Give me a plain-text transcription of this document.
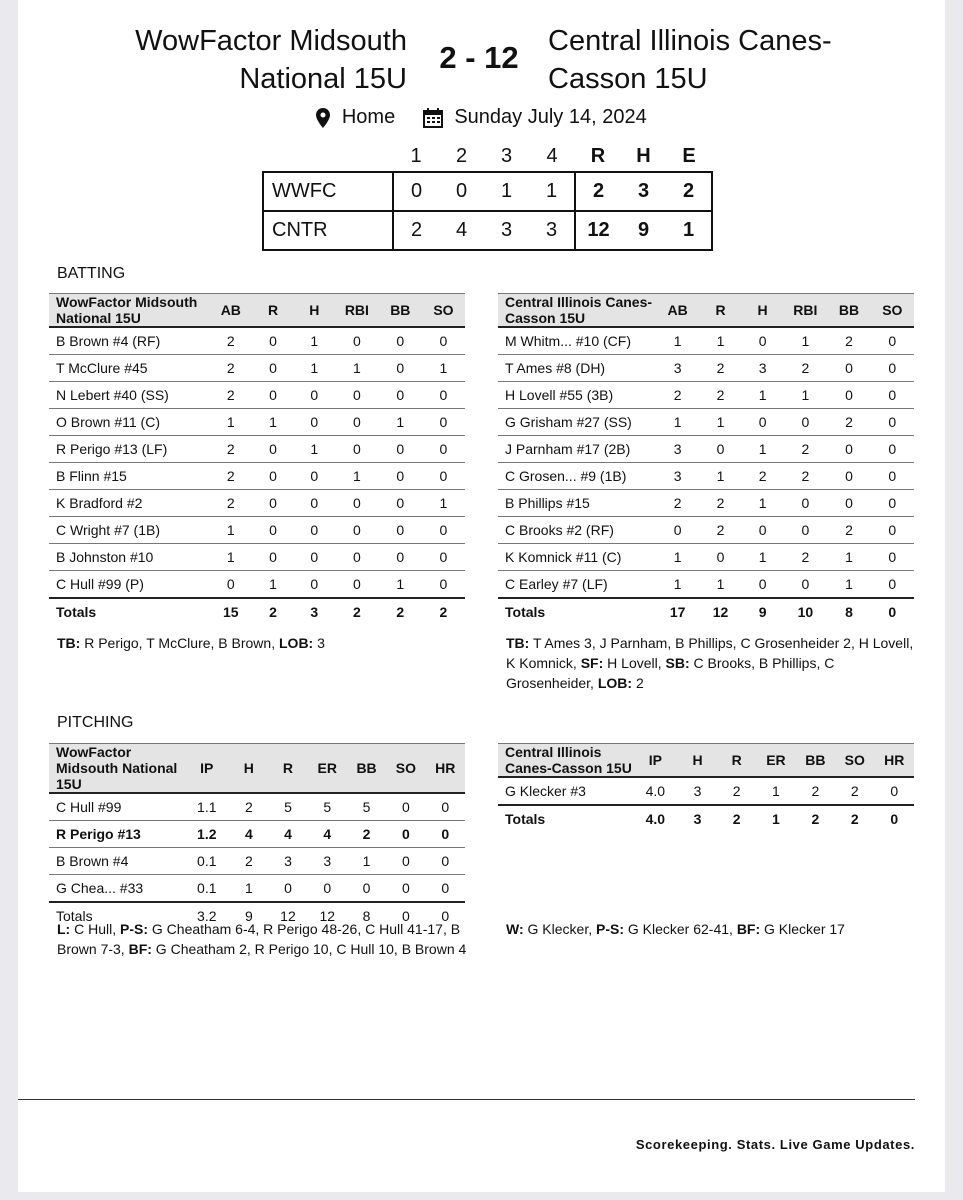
WowFactor Midsouth National 15U
2 - 12	Central Illinois Canes-Casson 15U
Home	Sunday July 14, 2024
	1	2	3	4	R	H	E
WWFC	0	0	1	1	2	3	2
CNTR	2	4	3	3	12	9	1
BATTING
WowFactor Midsouth National 15U	AB	R	H	RBI	BB	SO
B Brown #4 (RF)	2	0	1	0	0	0
T McClure #45	2	0	1	1	0	1
N Lebert #40 (SS)	2	0	0	0	0	0
O Brown #11 (C)	1	1	0	0	1	0
R Perigo #13 (LF)	2	0	1	0	0	0
B Flinn #15	2	0	0	1	0	0
K Bradford #2	2	0	0	0	0	1
C Wright #7 (1B)	1	0	0	0	0	0
B Johnston #10	1	0	0	0	0	0
C Hull #99 (P)	0	1	0	0	1	0
Totals	15	2	3	2	2	2
TB: R Perigo, T McClure, B Brown, LOB: 3
Central Illinois Canes-Casson 15U	AB	R	H	RBI	BB	SO
M Whitm... #10 (CF)	1	1	0	1	2	0
T Ames #8 (DH)	3	2	3	2	0	0
H Lovell #55 (3B)	2	2	1	1	0	0
G Grisham #27 (SS)	1	1	0	0	2	0
J Parnham #17 (2B)	3	0	1	2	0	0
C Grosen... #9 (1B)	3	1	2	2	0	0
B Phillips #15	2	2	1	0	0	0
C Brooks #2 (RF)	0	2	0	0	2	0
K Komnick #11 (C)	1	0	1	2	1	0
C Earley #7 (LF)	1	1	0	0	1	0
Totals	17	12	9	10	8	0
TB: T Ames 3, J Parnham, B Phillips, C Grosenheider 2, H Lovell, K Komnick, SF: H Lovell, SB: C Brooks, B Phillips, C Grosenheider, LOB: 2
PITCHING
WowFactor Midsouth National 15U	IP	H	R	ER	BB	SO	HR
C Hull #99	1.1	2	5	5	5	0	0
R Perigo #13	1.2	4	4	4	2	0	0
B Brown #4	0.1	2	3	3	1	0	0
G Chea... #33	0.1	1	0	0	0	0	0
Totals	3.2	9	12	12	8	0	0
L: C Hull, P-S: G Cheatham 6-4, R Perigo 48-26, C Hull 41-17, B Brown 7-3, BF: G Cheatham 2, R Perigo 10, C Hull 10, B Brown 4
Central Illinois Canes-Casson 15U	IP	H	R	ER	BB	SO	HR
G Klecker #3	4.0	3	2	1	2	2	0
Totals	4.0	3	2	1	2	2	0
W: G Klecker, P-S: G Klecker 62-41, BF: G Klecker 17
Scorekeeping. Stats. Live Game Updates.
